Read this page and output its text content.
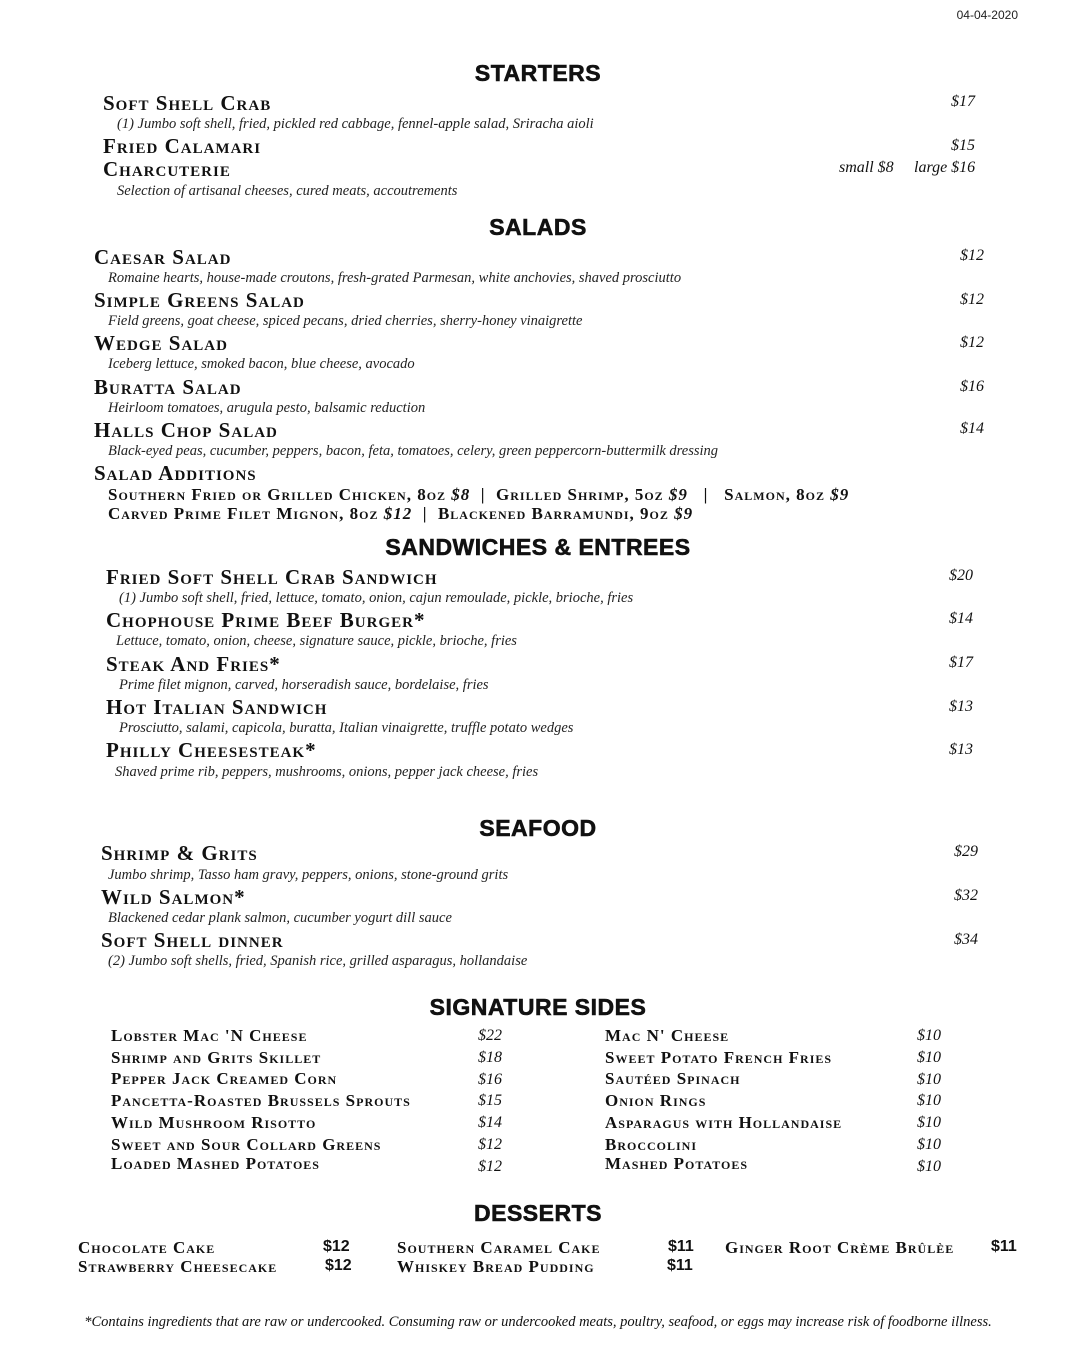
04-04-2020
STARTERS
Soft Shell Crab	$17
(1) Jumbo soft shell, fried, pickled red cabbage, fennel-apple salad, Sriracha aioli
Fried Calamari	$15
Charcuterie	small $8 large $16
Selection of artisanal cheeses, cured meats, accoutrements
SALADS
Caesar Salad	$12
Romaine hearts, house-made croutons, fresh-grated Parmesan, white anchovies, shaved prosciutto
Simple Greens Salad	$12
Field greens, goat cheese, spiced pecans, dried cherries, sherry-honey vinaigrette
Wedge Salad	$12
Iceberg lettuce, smoked bacon, blue cheese, avocado
Buratta Salad	$16
Heirloom tomatoes, arugula pesto, balsamic reduction
Halls Chop Salad	$14
Black-eyed peas, cucumber, peppers, bacon, feta, tomatoes, celery, green peppercorn-buttermilk dressing
Salad Additions
Southern Fried or Grilled Chicken, 8oz $8 | Grilled Shrimp, 5oz $9 | Salmon, 8oz $9
Carved Prime Filet Mignon, 8oz $12 | Blackened Barramundi, 9oz $9
SANDWICHES & ENTREES
Fried Soft Shell Crab Sandwich	$20
(1) Jumbo soft shell, fried, lettuce, tomato, onion, cajun remoulade, pickle, brioche, fries
Chophouse Prime Beef Burger*	$14
Lettuce, tomato, onion, cheese, signature sauce, pickle, brioche, fries
Steak And Fries*	$17
Prime filet mignon, carved, horseradish sauce, bordelaise, fries
Hot Italian Sandwich	$13
Prosciutto, salami, capicola, buratta, Italian vinaigrette, truffle potato wedges
Philly Cheesesteak*	$13
Shaved prime rib, peppers, mushrooms, onions, pepper jack cheese, fries
SEAFOOD
Shrimp & Grits	$29
Jumbo shrimp, Tasso ham gravy, peppers, onions, stone-ground grits
Wild Salmon*	$32
Blackened cedar plank salmon, cucumber yogurt dill sauce
Soft Shell dinner	$34
(2) Jumbo soft shells, fried, Spanish rice, grilled asparagus, hollandaise
SIGNATURE SIDES
Lobster Mac 'N Cheese	$22
Shrimp and Grits Skillet	$18
Pepper Jack Creamed Corn	$16
Pancetta-Roasted Brussels Sprouts	$15
Wild Mushroom Risotto	$14
Sweet and Sour Collard Greens	$12
Loaded Mashed Potatoes	$12
Mac N' Cheese	$10
Sweet Potato French Fries	$10
Sautéed Spinach	$10
Onion Rings	$10
Asparagus with Hollandaise	$10
Broccolini	$10
Mashed Potatoes	$10
DESSERTS
Chocolate Cake	$12	Southern Caramel Cake	$11 Ginger Root Crème Brûlèe $11
Strawberry Cheesecake	$12	Whiskey Bread Pudding	$11
*Contains ingredients that are raw or undercooked. Consuming raw or undercooked meats, poultry, seafood, or eggs may increase risk of foodborne illness.
